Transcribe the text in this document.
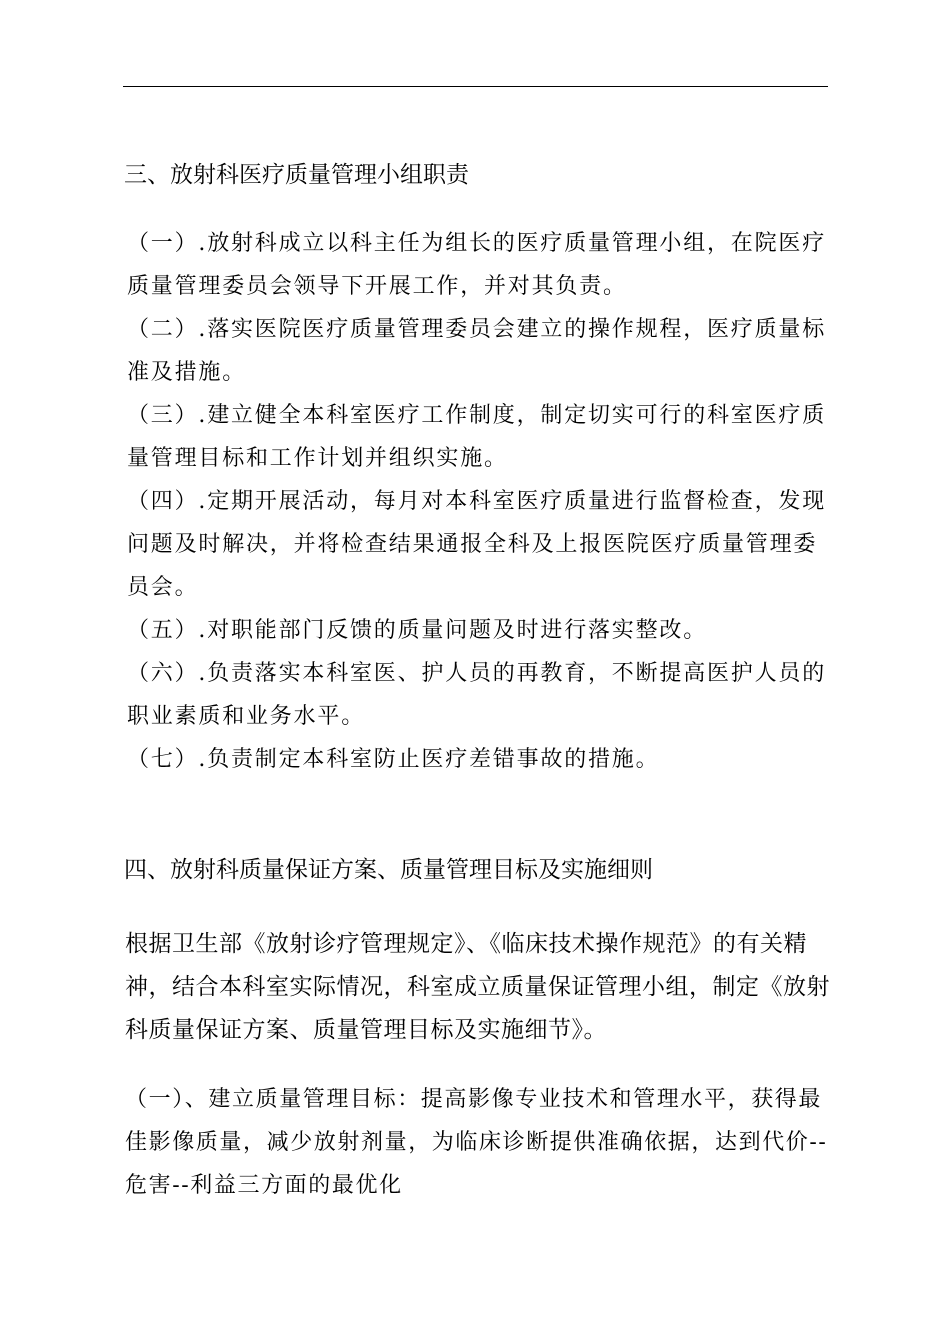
三、放射科医疗质量管理小组职责

（一）.放射科成立以科主任为组长的医疗质量管理小组，在院医疗质量管理委员会领导下开展工作，并对其负责。

（二）.落实医院医疗质量管理委员会建立的操作规程，医疗质量标准及措施。

（三）.建立健全本科室医疗工作制度，制定切实可行的科室医疗质量管理目标和工作计划并组织实施。

（四）.定期开展活动，每月对本科室医疗质量进行监督检查，发现问题及时解决，并将检查结果通报全科及上报医院医疗质量管理委员会。

（五）.对职能部门反馈的质量问题及时进行落实整改。

（六）.负责落实本科室医、护人员的再教育，不断提高医护人员的职业素质和业务水平。

（七）.负责制定本科室防止医疗差错事故的措施。

四、放射科质量保证方案、质量管理目标及实施细则

根据卫生部《放射诊疗管理规定》、《临床技术操作规范》的有关精神，结合本科室实际情况，科室成立质量保证管理小组，制定《放射科质量保证方案、质量管理目标及实施细节》。

（一）、建立质量管理目标：提高影像专业技术和管理水平，获得最佳影像质量，减少放射剂量，为临床诊断提供准确依据，达到代价--危害--利益三方面的最优化
